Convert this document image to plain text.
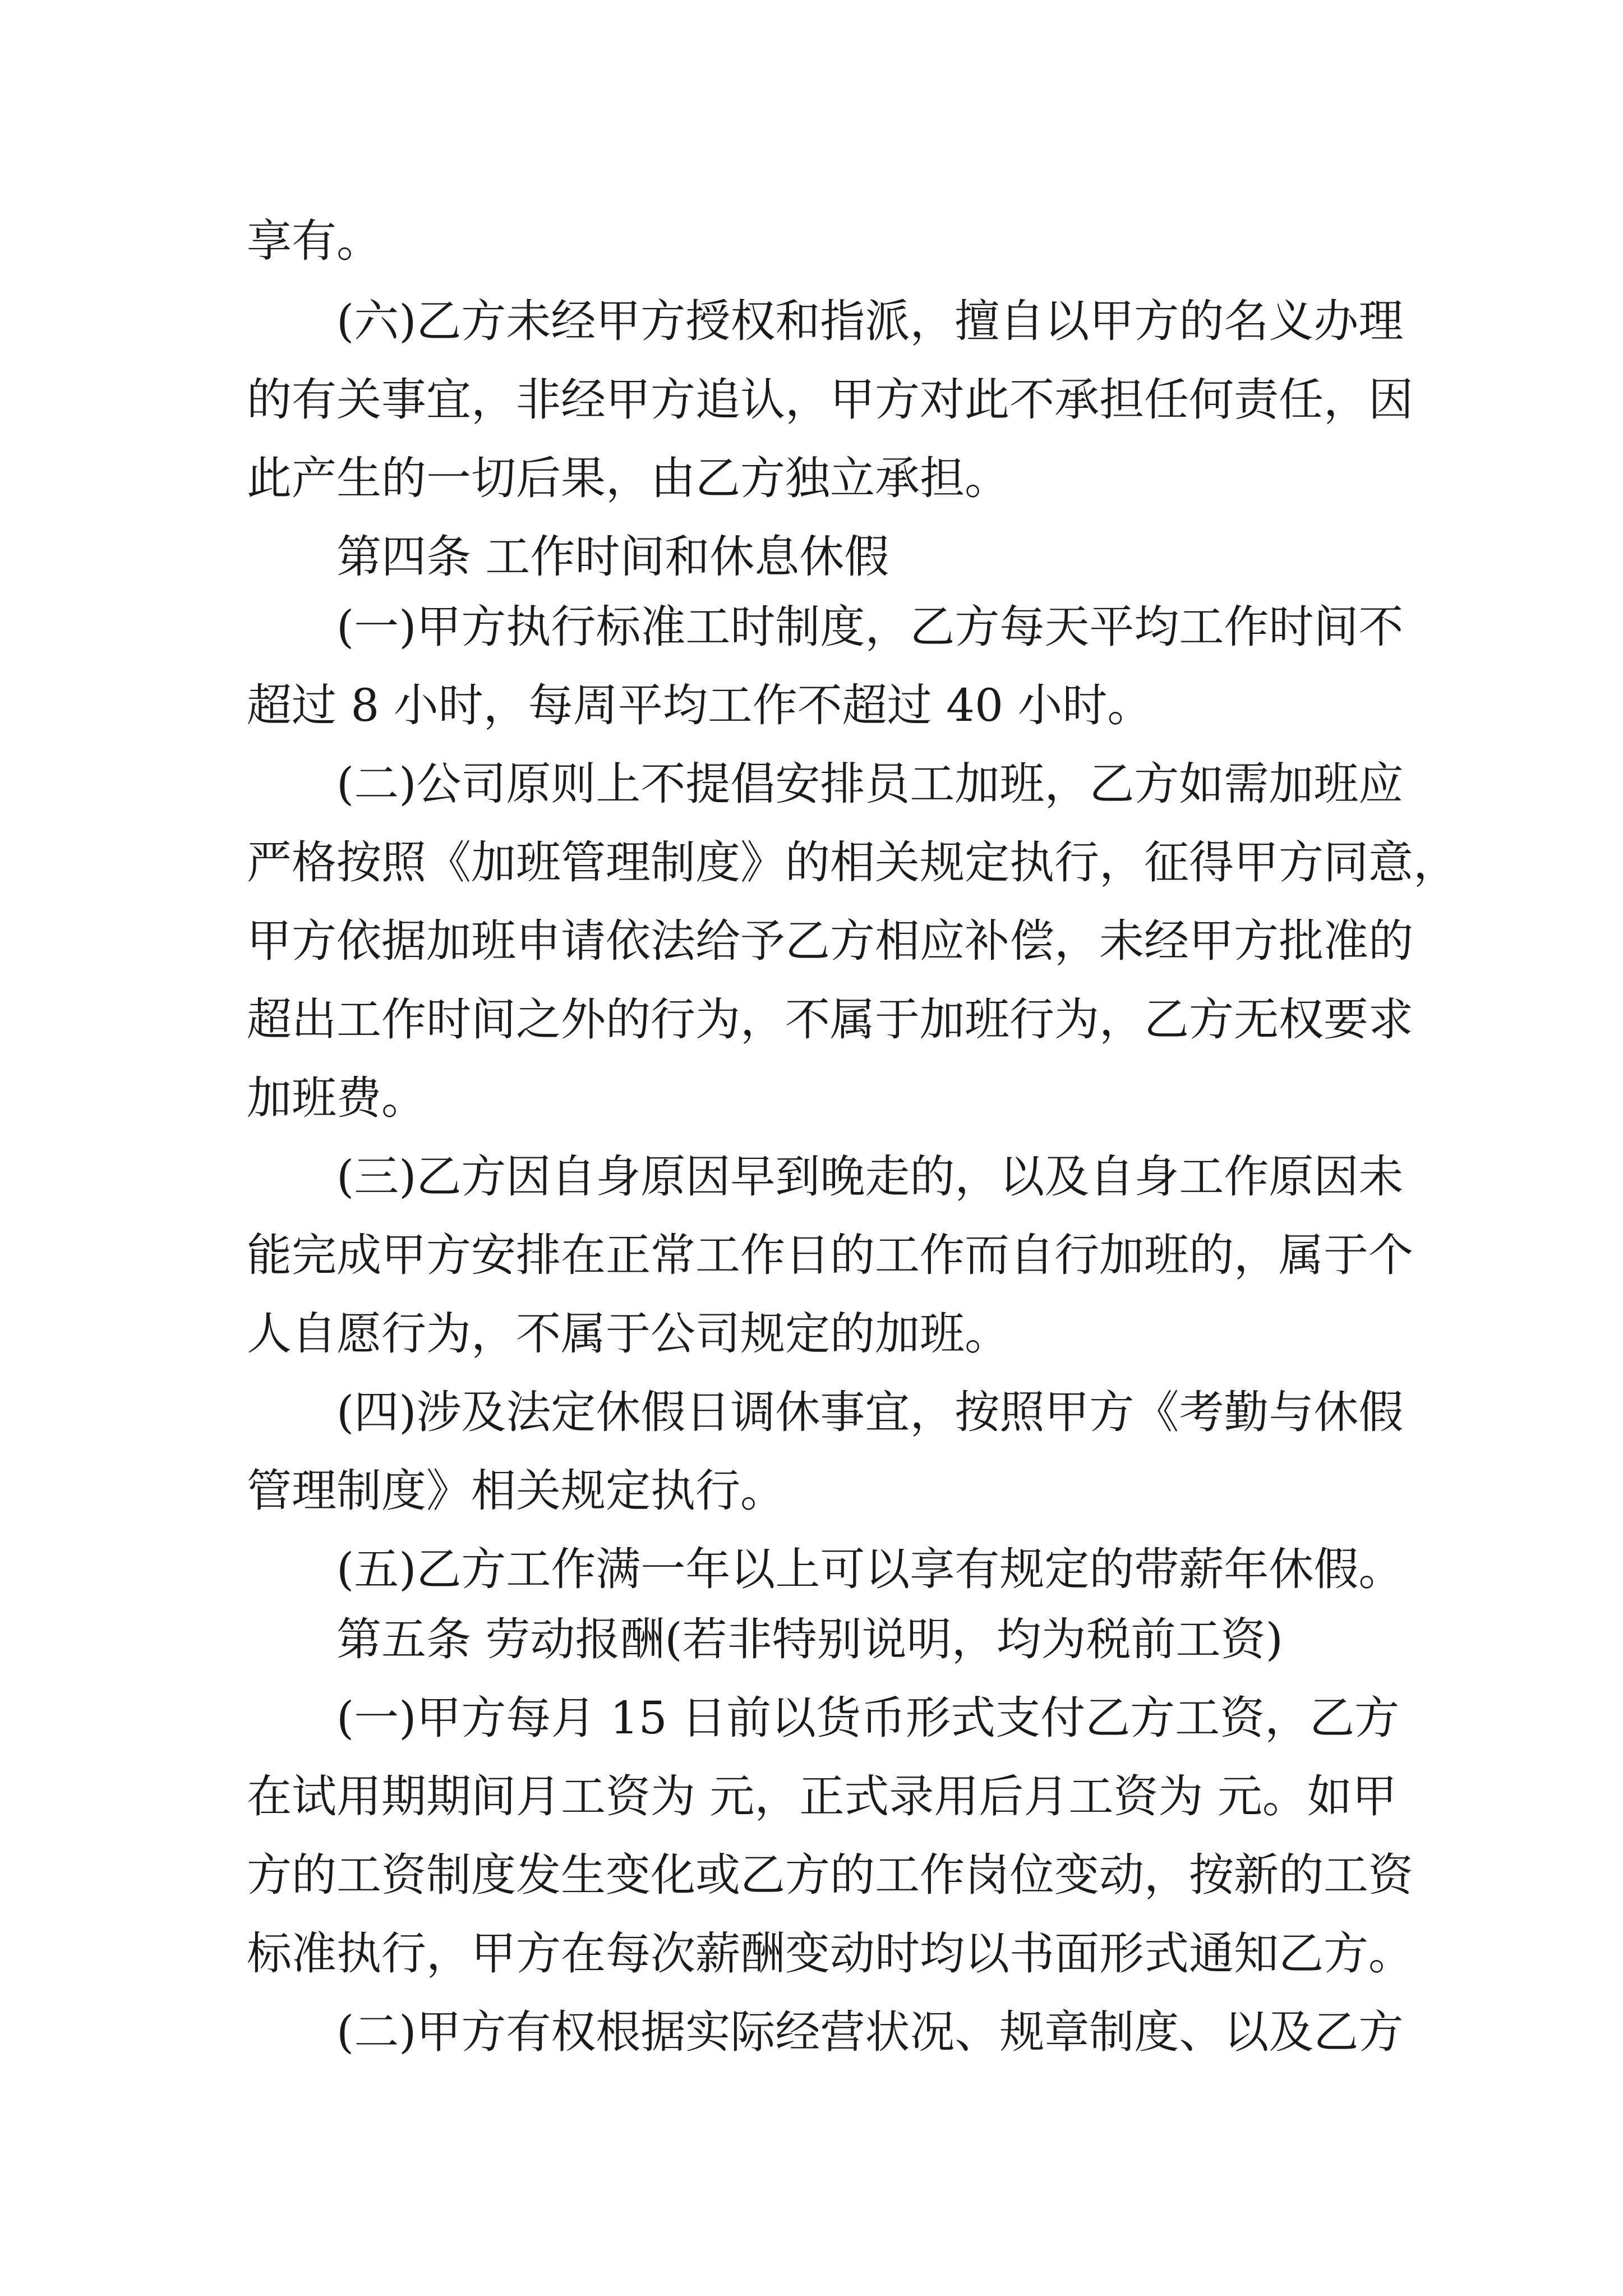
享有。
(六)乙方未经甲方授权和指派，擅自以甲方的名义办理
的有关事宜，非经甲方追认，甲方对此不承担任何责任，因
此产生的一切后果，由乙方独立承担。
第四条 工作时间和休息休假
(一)甲方执行标准工时制度，乙方每天平均工作时间不
超过 8 小时，每周平均工作不超过 40 小时。
(二)公司原则上不提倡安排员工加班，乙方如需加班应
严格按照《加班管理制度》的相关规定执行，征得甲方同意，
甲方依据加班申请依法给予乙方相应补偿，未经甲方批准的
超出工作时间之外的行为，不属于加班行为，乙方无权要求
加班费。
(三)乙方因自身原因早到晚走的，以及自身工作原因未
能完成甲方安排在正常工作日的工作而自行加班的，属于个
人自愿行为，不属于公司规定的加班。
(四)涉及法定休假日调休事宜，按照甲方《考勤与休假
管理制度》相关规定执行。
(五)乙方工作满一年以上可以享有规定的带薪年休假。
第五条 劳动报酬(若非特别说明，均为税前工资)
(一)甲方每月 15 日前以货币形式支付乙方工资，乙方
在试用期期间月工资为 元，正式录用后月工资为 元。如甲
方的工资制度发生变化或乙方的工作岗位变动，按新的工资
标准执行，甲方在每次薪酬变动时均以书面形式通知乙方。
(二)甲方有权根据实际经营状况、规章制度、以及乙方
